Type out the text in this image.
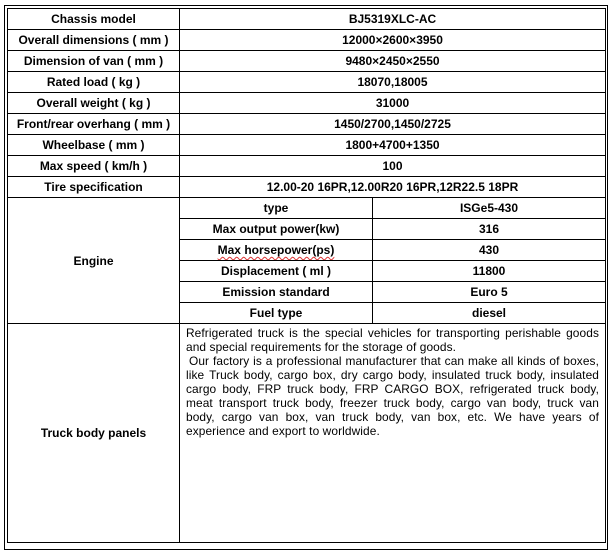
Chassis model	BJ5319XLC-AC	
Overall dimensions ( mm )	12000×2600×3950	
Dimension of van ( mm )	9480×2450×2550	
Rated load ( kg )	18070,18005	
Overall weight ( kg )	31000	
Front/rear overhang ( mm )	1450/2700,1450/2725	
Wheelbase ( mm )	1800+4700+1350	
Max speed ( km/h )	100	
Tire specification	12.00-20 16PR,12.00R20 16PR,12R22.5 18PR	
Engine	type	ISGe5-430
	Max output power(kw)	316
	Max horsepower(ps)	430
	Displacement ( ml )	11800
	Emission standard	Euro 5
	Fuel type	diesel
Truck body panels	Refrigerated truck is the special vehicles for transporting perishable goods and special requirements for the storage of goods.

Our factory is a professional manufacturer that can make all kinds of boxes, like Truck body, cargo box, dry cargo body, insulated truck body, insulated cargo body, FRP truck body, FRP CARGO BOX, refrigerated truck body, meat transport truck body, freezer truck body, cargo van body, truck van body, cargo van box, van truck body, van box, etc. We have years of experience and export to worldwide.	
